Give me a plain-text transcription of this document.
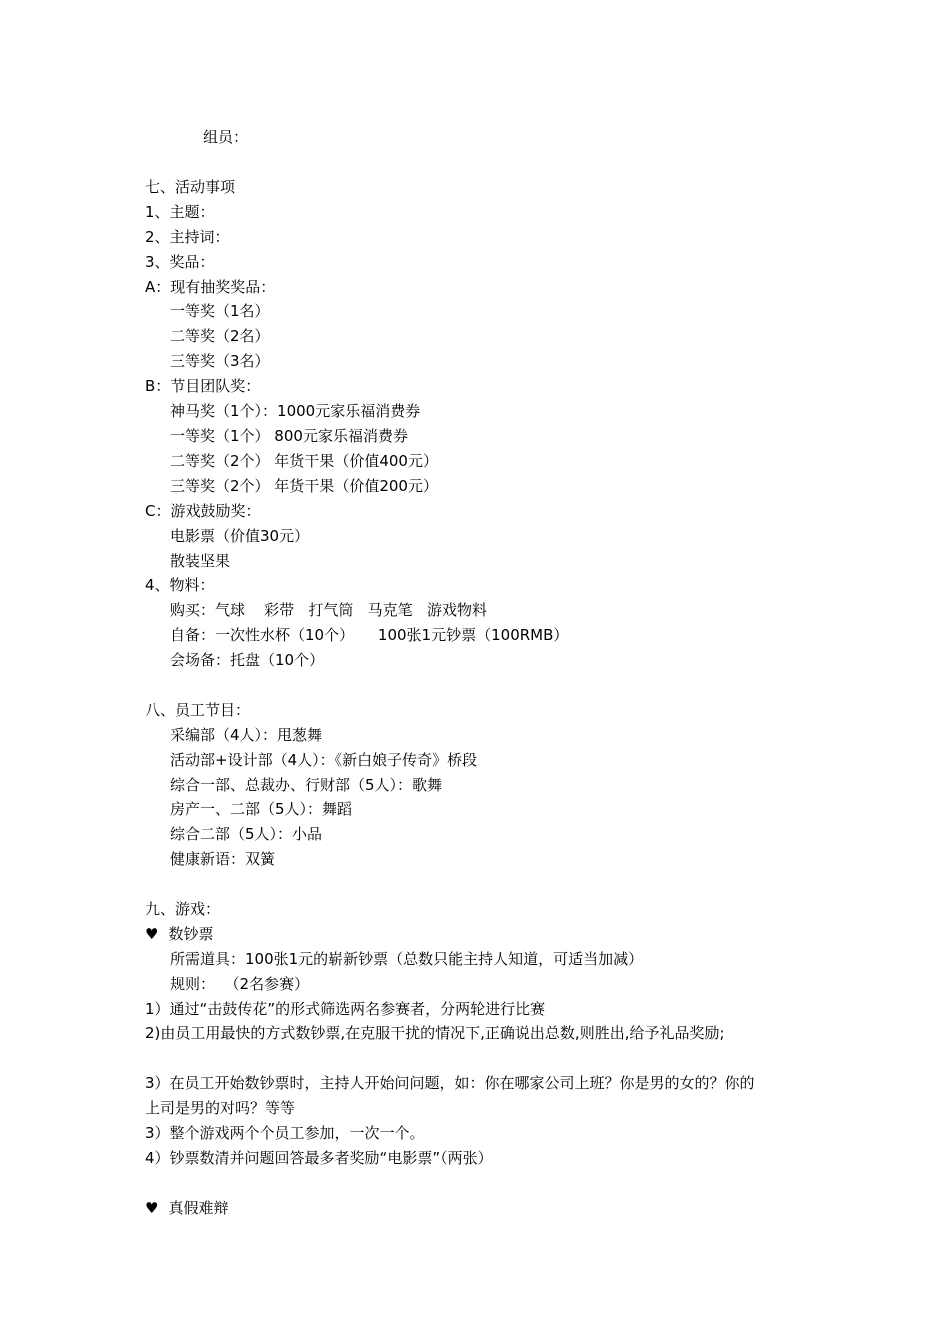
组员：
七、活动事项
1、主题：
2、主持词：
3、奖品：
A：现有抽奖奖品：
一等奖（1名）
二等奖（2名）
三等奖（3名）
B：节目团队奖：
神马奖（1个）：1000元家乐福消费券
一等奖（1个） 800元家乐福消费券
二等奖（2个） 年货干果（价值400元）
三等奖（2个） 年货干果（价值200元）
C：游戏鼓励奖：
电影票（价值30元）
散装坚果
4、物料：
购买：气球    彩带   打气筒   马克笔   游戏物料
自备：一次性水杯（10个）     100张1元钞票（100RMB）
会场备：托盘（10个）
八、员工节目：
采编部（4人）：甩葱舞
活动部+设计部（4人）：《新白娘子传奇》桥段
综合一部、总裁办、行财部（5人）：歌舞
房产一、二部（5人）：舞蹈
综合二部（5人）：小品
健康新语：双簧
九、游戏：
♥ 数钞票
所需道具：100张1元的崭新钞票（总数只能主持人知道，可适当加减）
规则：  （2名参赛）
1）通过“击鼓传花”的形式筛选两名参赛者，分两轮进行比赛
2)由员工用最快的方式数钞票,在克服干扰的情况下,正确说出总数,则胜出,给予礼品奖励;
3）在员工开始数钞票时，主持人开始问问题，如：你在哪家公司上班？你是男的女的？你的
上司是男的对吗？等等
3）整个游戏两个个员工参加，一次一个。
4）钞票数清并问题回答最多者奖励“电影票”（两张）
♥ 真假难辩
